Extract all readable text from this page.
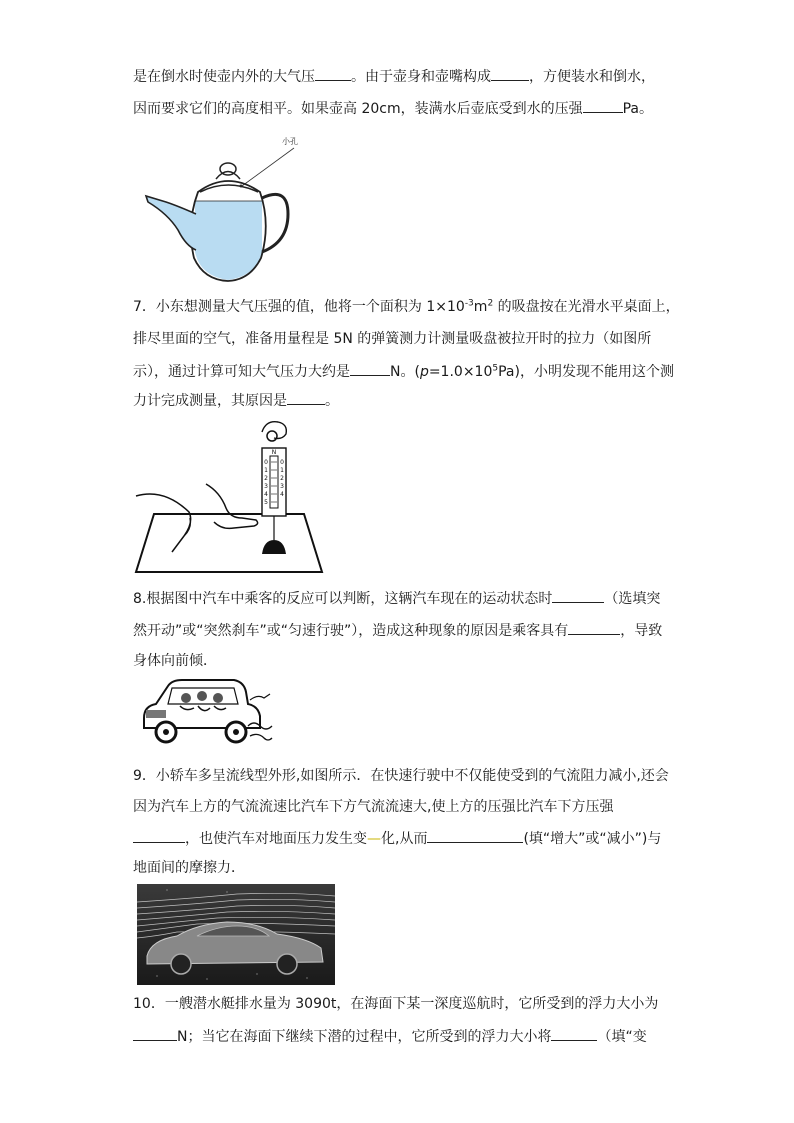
是在倒水时使壶内外的大气压	。由于壶身和壶嘴构成	，方便装水和倒水，
因而要求它们的高度相平。如果壶高 20cm，装满水后壶底受到水的压强	Pa。
小孔
7．小东想测量大气压强的值，他将一个面积为 $1\times 10^{-3}m^2$ 的吸盘按在光滑水平桌面上，
排尽里面的空气，准备用量程是 5N 的弹簧测力计测量吸盘被拉开时的拉力（如图所
示），通过计算可知大气压力大约是	N。$(p=1.0\times 10^5Pa)$，小明发现不能用这个测
力计完成测量，其原因是	。
N
0
1
2
3
4
5
0
1
2
3
4
8.根据图中汽车中乘客的反应可以判断，这辆汽车现在的运动状态时	（选填突
然开动”或“突然刹车”或“匀速行驶”），造成这种现象的原因是乘客具有	，导致
身体向前倾．
9．小轿车多呈流线型外形,如图所示．在快速行驶中不仅能使受到的气流阻力减小,还会
因为汽车上方的气流流速比汽车下方气流流速大,使上方的压强比汽车下方压强
，也使汽车对地面压力发生变—化,从而	(填“增大”或“减小”)与
地面间的摩擦力．
10．一艘潜水艇排水量为 3090t，在海面下某一深度巡航时，它所受到的浮力大小为
N；当它在海面下继续下潜的过程中，它所受到的浮力大小将	（填“变
